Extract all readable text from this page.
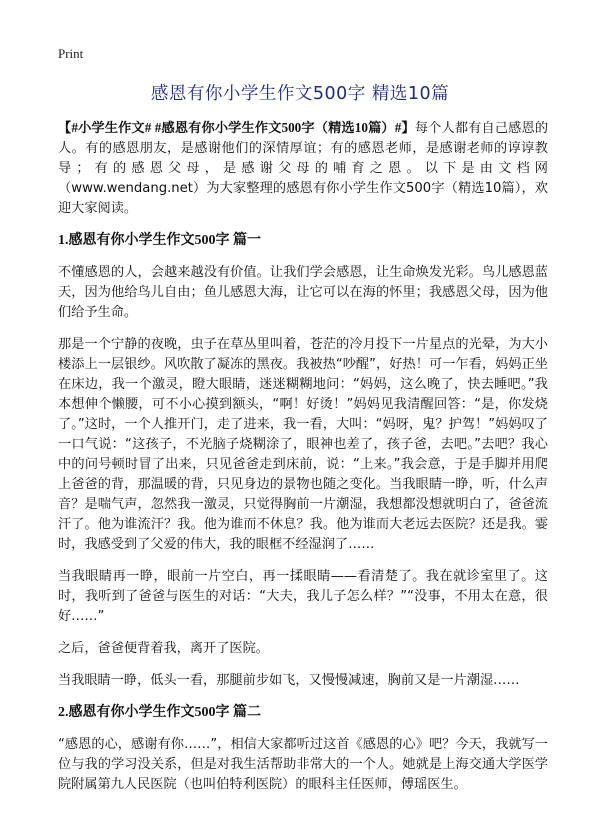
Print
感恩有你小学生作文500字 精选10篇

【#小学生作文# #感恩有你小学生作文500字（精选10篇）#】每个人都有自己感恩的人。有的感恩朋友，是感谢他们的深情厚谊；有的感恩老师，是感谢老师的谆谆教导；有的感恩父母，是感谢父母的哺育之恩。以下是由文档网（www.wendang.net）为大家整理的感恩有你小学生作文500字（精选10篇），欢迎大家阅读。

1.感恩有你小学生作文500字 篇一

不懂感恩的人，会越来越没有价值。让我们学会感恩，让生命焕发光彩。鸟儿感恩蓝天，因为他给鸟儿自由；鱼儿感恩大海，让它可以在海的怀里；我感恩父母，因为他们给予生命。

那是一个宁静的夜晚，虫子在草丛里叫着，苍茫的冷月投下一片星点的光晕，为大小楼添上一层银纱。风吹散了凝冻的黑夜。我被热“吵醒”，好热！可一乍看，妈妈正坐在床边，我一个激灵，瞪大眼睛，迷迷糊糊地问：“妈妈，这么晚了，快去睡吧。”我本想伸个懒腰，可不小心摸到额头，“啊！好烫！”妈妈见我清醒回答：“是，你发烧了。”这时，一个人推开门，走了进来，我一看，大叫：“妈呀，鬼？护驾！”妈妈叹了一口气说：“这孩子，不光脑子烧糊涂了，眼神也差了，孩子爸，去吧。”去吧？我心中的问号顿时冒了出来，只见爸爸走到床前，说：“上来。”我会意，于是手脚并用爬上爸爸的背，那温暖的背，只见身边的景物也随之变化。当我眼睛一睁，听，什么声音？是喘气声，忽然我一激灵，只觉得胸前一片潮湿，我想都没想就明白了，爸爸流汗了。他为谁流汗？我。他为谁而不休息？我。他为谁而大老远去医院？还是我。霎时，我感受到了父爱的伟大，我的眼框不经湿润了……

当我眼睛再一睁，眼前一片空白，再一揉眼睛——看清楚了。我在就诊室里了。这时，我听到了爸爸与医生的对话：“大夫，我儿子怎么样？”“没事，不用太在意，很好……”

之后，爸爸便背着我，离开了医院。

当我眼睛一睁，低头一看，那腿前步如飞，又慢慢减速，胸前又是一片潮湿……

2.感恩有你小学生作文500字 篇二

“感恩的心，感谢有你……”，相信大家都听过这首《感恩的心》吧？今天，我就写一位与我的学习没关系，但是对我生活帮助非常大的一个人。她就是上海交通大学医学院附属第九人民医院（也叫伯特利医院）的眼科主任医师，傅瑶医生。
